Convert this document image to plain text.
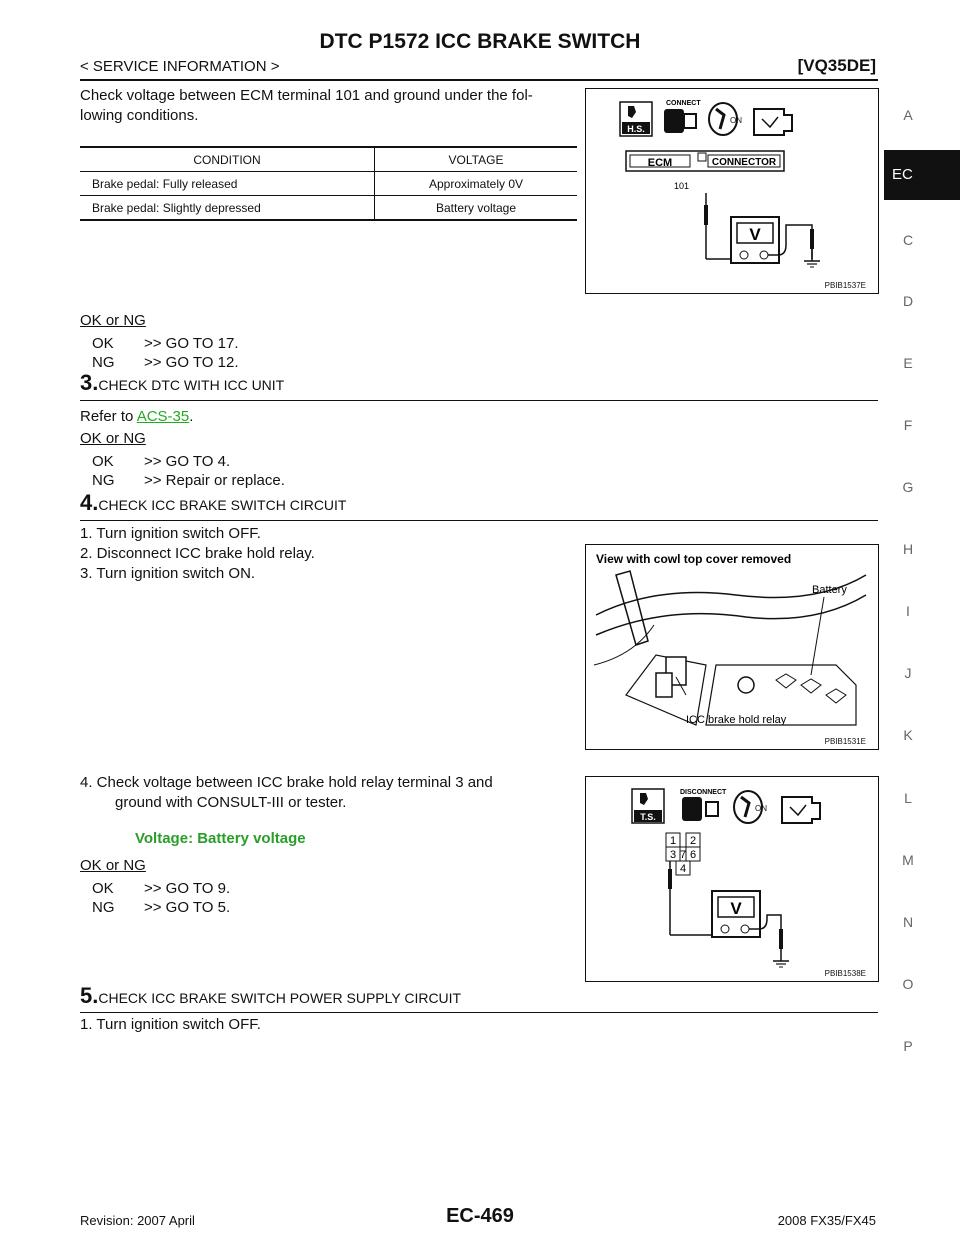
DTC P1572 ICC BRAKE SWITCH
< SERVICE INFORMATION >	[VQ35DE]
Check voltage between ECM terminal 101 and ground under the fol-
lowing conditions.
CONDITION	VOLTAGE
Brake pedal: Fully released	Approximately 0V
Brake pedal: Slightly depressed	Battery voltage
H.S.
CONNECT
ON
ECM	CONNECTOR
101
V
PBIB1537E
OK or NG
OK >> GO TO 17.
NG >> GO TO 12.
3.CHECK DTC WITH ICC UNIT
Refer to ACS-35.
OK or NG
OK >> GO TO 4.
NG >> Repair or replace.
4.CHECK ICC BRAKE SWITCH CIRCUIT
1. Turn ignition switch OFF.
2. Disconnect ICC brake hold relay.
3. Turn ignition switch ON.
View with cowl top cover removed
Battery
ICC brake hold relay
PBIB1531E
4. Check voltage between ICC brake hold relay terminal 3 and
ground with CONSULT-III or tester.
Voltage: Battery voltage
OK or NG
OK >> GO TO 9.
NG >> GO TO 5.
T.S.
DISCONNECT
ON
1 2
3 7 6
4
V
PBIB1538E
5.CHECK ICC BRAKE SWITCH POWER SUPPLY CIRCUIT
1. Turn ignition switch OFF.
EC
A
C
D
E
F
G
H
I
J
K
L
M
N
O
P
Revision: 2007 April	EC-469	2008 FX35/FX45
